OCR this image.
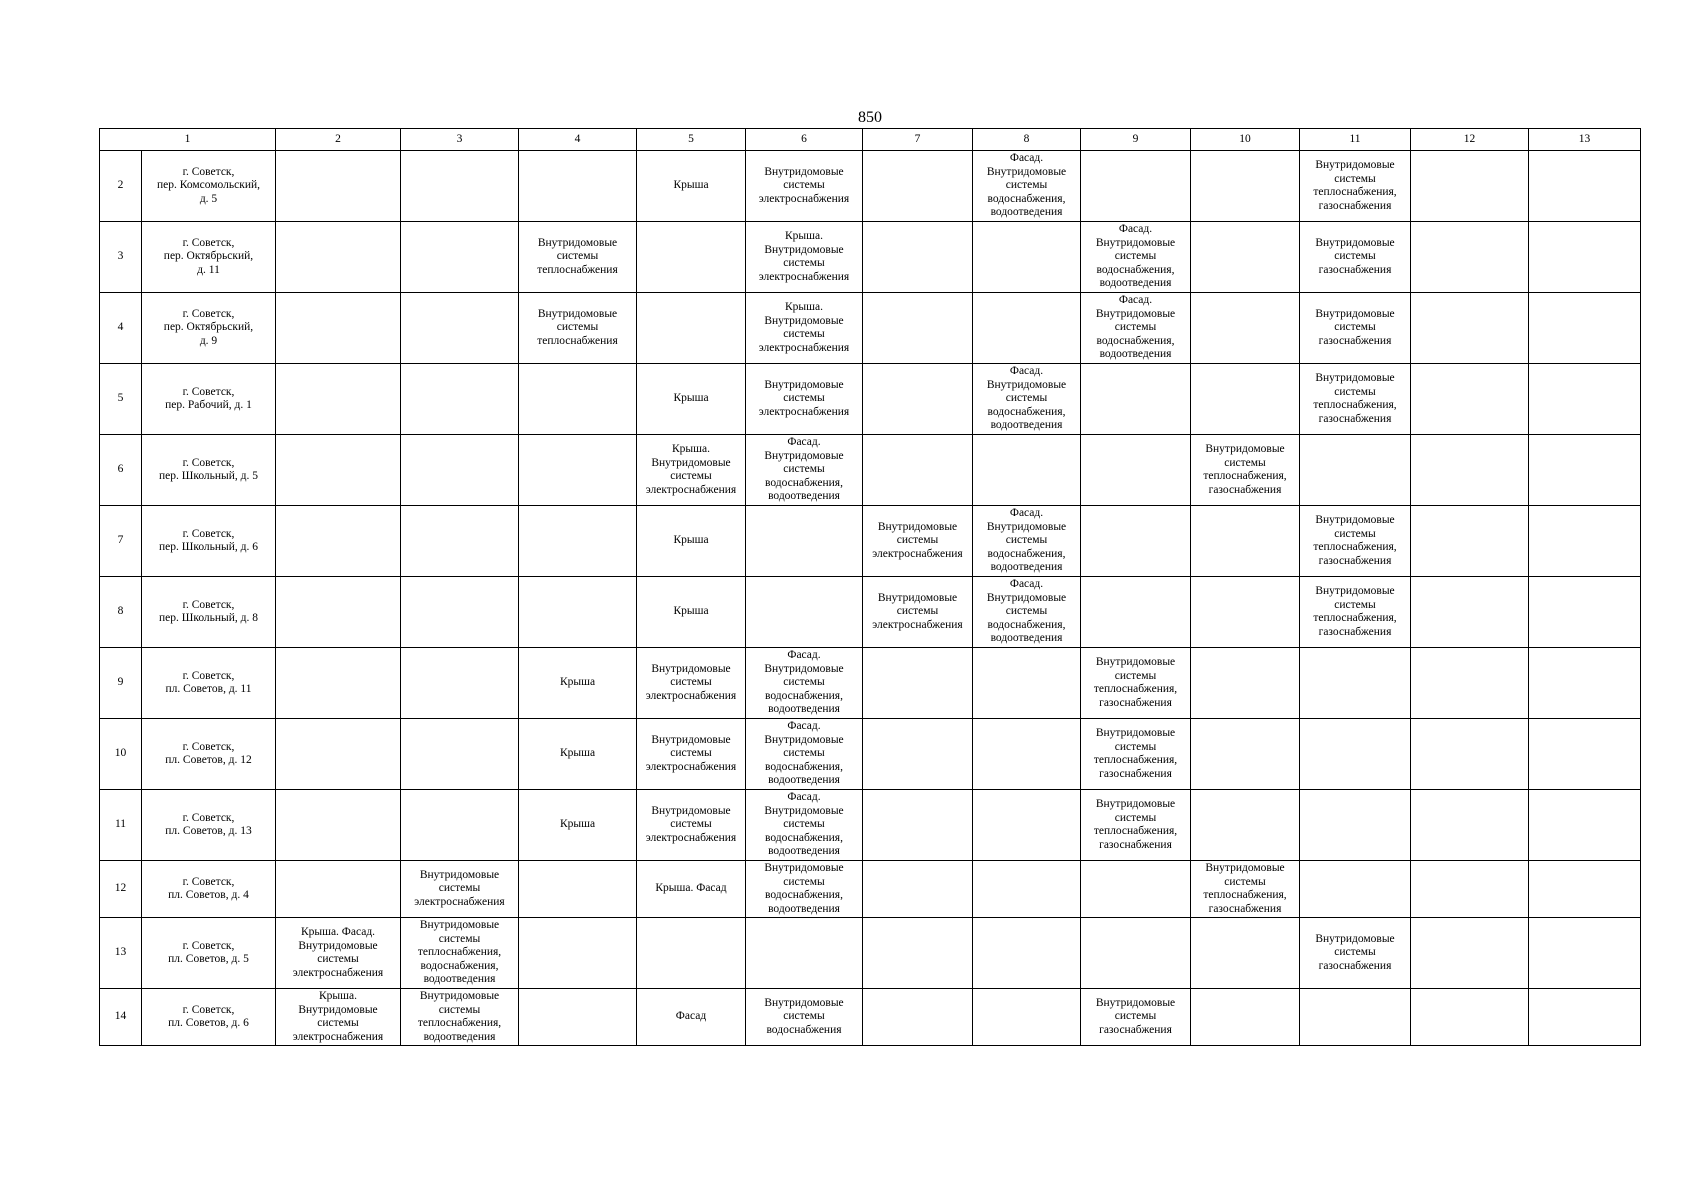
850
1		2	3	4	5	6	7	8	9	10	11	12	13
2	г. Советск,
пер. Комсомольский,
д. 5				Крыша	Внутридомовые
системы
электроснабжения		Фасад.
Внутридомовые
системы
водоснабжения,
водоотведения			Внутридомовые
системы
теплоснабжения,
газоснабжения		
3	г. Советск,
пер. Октябрьский,
д. 11			Внутридомовые
системы
теплоснабжения		Крыша.
Внутридомовые
системы
электроснабжения			Фасад.
Внутридомовые
системы
водоснабжения,
водоотведения		Внутридомовые
системы
газоснабжения		
4	г. Советск,
пер. Октябрьский,
д. 9			Внутридомовые
системы
теплоснабжения		Крыша.
Внутридомовые
системы
электроснабжения			Фасад.
Внутридомовые
системы
водоснабжения,
водоотведения		Внутридомовые
системы
газоснабжения		
5	г. Советск,
пер. Рабочий, д. 1				Крыша	Внутридомовые
системы
электроснабжения		Фасад.
Внутридомовые
системы
водоснабжения,
водоотведения			Внутридомовые
системы
теплоснабжения,
газоснабжения		
6	г. Советск,
пер. Школьный, д. 5				Крыша.
Внутридомовые
системы
электроснабжения	Фасад.
Внутридомовые
системы
водоснабжения,
водоотведения				Внутридомовые
системы
теплоснабжения,
газоснабжения			
7	г. Советск,
пер. Школьный, д. 6				Крыша		Внутридомовые
системы
электроснабжения	Фасад.
Внутридомовые
системы
водоснабжения,
водоотведения			Внутридомовые
системы
теплоснабжения,
газоснабжения		
8	г. Советск,
пер. Школьный, д. 8				Крыша		Внутридомовые
системы
электроснабжения	Фасад.
Внутридомовые
системы
водоснабжения,
водоотведения			Внутридомовые
системы
теплоснабжения,
газоснабжения		
9	г. Советск,
пл. Советов, д. 11			Крыша	Внутридомовые
системы
электроснабжения	Фасад.
Внутридомовые
системы
водоснабжения,
водоотведения			Внутридомовые
системы
теплоснабжения,
газоснабжения				
10	г. Советск,
пл. Советов, д. 12			Крыша	Внутридомовые
системы
электроснабжения	Фасад.
Внутридомовые
системы
водоснабжения,
водоотведения			Внутридомовые
системы
теплоснабжения,
газоснабжения				
11	г. Советск,
пл. Советов, д. 13			Крыша	Внутридомовые
системы
электроснабжения	Фасад.
Внутридомовые
системы
водоснабжения,
водоотведения			Внутридомовые
системы
теплоснабжения,
газоснабжения				
12	г. Советск,
пл. Советов, д. 4		Внутридомовые
системы
электроснабжения		Крыша. Фасад	Внутридомовые
системы
водоснабжения,
водоотведения				Внутридомовые
системы
теплоснабжения,
газоснабжения			
13	г. Советск,
пл. Советов, д. 5	Крыша. Фасад.
Внутридомовые
системы
электроснабжения	Внутридомовые
системы
теплоснабжения,
водоснабжения,
водоотведения								Внутридомовые
системы
газоснабжения		
14	г. Советск,
пл. Советов, д. 6	Крыша.
Внутридомовые
системы
электроснабжения	Внутридомовые
системы
теплоснабжения,
водоотведения		Фасад	Внутридомовые
системы
водоснабжения			Внутридомовые
системы
газоснабжения				
